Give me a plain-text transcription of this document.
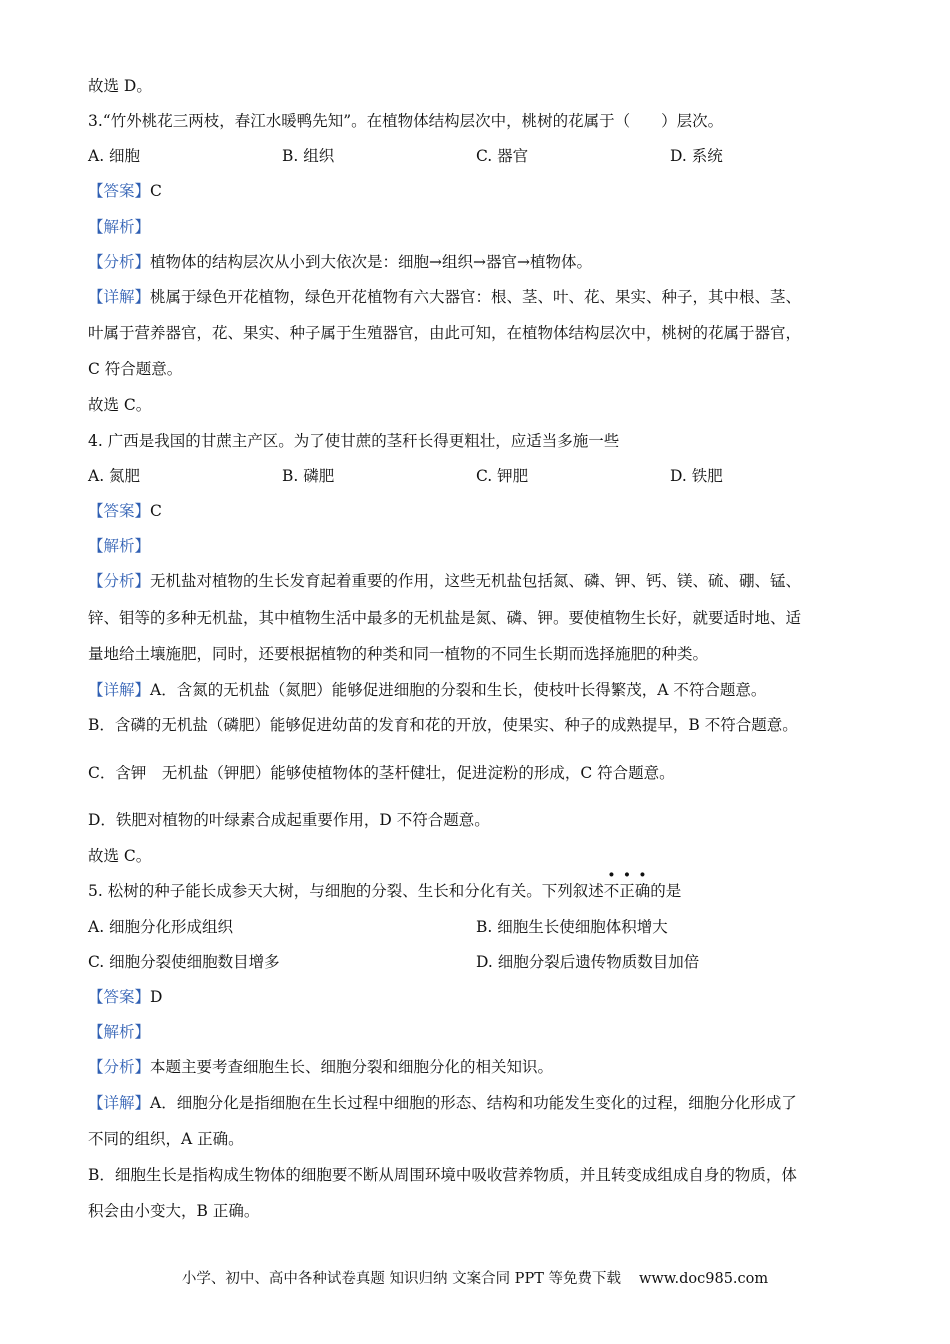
故选 D。
3.“竹外桃花三两枝，春江水暖鸭先知”。在植物体结构层次中，桃树的花属于（　　）层次。
A. 细胞	B. 组织	C. 器官	D. 系统
【答案】C
【解析】
【分析】植物体的结构层次从小到大依次是：细胞→组织→器官→植物体。
【详解】桃属于绿色开花植物，绿色开花植物有六大器官：根、茎、叶、花、果实、种子，其中根、茎、
叶属于营养器官，花、果实、种子属于生殖器官，由此可知，在植物体结构层次中，桃树的花属于器官，
C 符合题意。
故选 C。
4. 广西是我国的甘蔗主产区。为了使甘蔗的茎秆长得更粗壮，应适当多施一些
A. 氮肥	B. 磷肥	C. 钾肥	D. 铁肥
【答案】C
【解析】
【分析】无机盐对植物的生长发育起着重要的作用，这些无机盐包括氮、磷、钾、钙、镁、硫、硼、锰、
锌、钼等的多种无机盐，其中植物生活中最多的无机盐是氮、磷、钾。要使植物生长好，就要适时地、适
量地给土壤施肥，同时，还要根据植物的种类和同一植物的不同生长期而选择施肥的种类。
【详解】A．含氮的无机盐（氮肥）能够促进细胞的分裂和生长，使枝叶长得繁茂，A 不符合题意。
B．含磷的无机盐（磷肥）能够促进幼苗的发育和花的开放，使果实、种子的成熟提早，B 不符合题意。
C．含钾　无机盐（钾肥）能够使植物体的茎杆健壮，促进淀粉的形成，C 符合题意。
D．铁肥对植物的叶绿素合成起重要作用，D 不符合题意。
故选 C。
5. 松树的种子能长成参天大树，与细胞的分裂、生长和分化有关。下列叙述不正确的是
A. 细胞分化形成组织	B. 细胞生长使细胞体积增大
C. 细胞分裂使细胞数目增多	D. 细胞分裂后遗传物质数目加倍
【答案】D
【解析】
【分析】本题主要考查细胞生长、细胞分裂和细胞分化的相关知识。
【详解】A．细胞分化是指细胞在生长过程中细胞的形态、结构和功能发生变化的过程，细胞分化形成了
不同的组织，A 正确。
B．细胞生长是指构成生物体的细胞要不断从周围环境中吸收营养物质，并且转变成组成自身的物质，体
积会由小变大，B 正确。
小学、初中、高中各种试卷真题 知识归纳 文案合同 PPT 等免费下载 www.doc985.com
